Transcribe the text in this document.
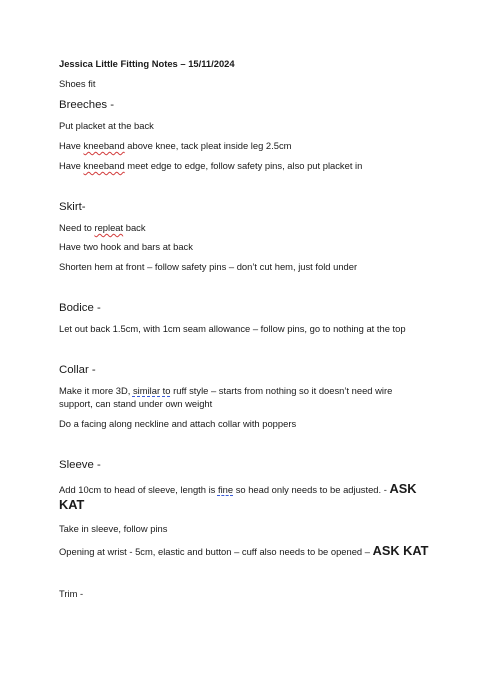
Jessica Little Fitting Notes – 15/11/2024
Shoes fit
Breeches -
Put placket at the back
Have kneeband above knee, tack pleat inside leg 2.5cm
Have kneeband meet edge to edge, follow safety pins, also put placket in
Skirt-
Need to repleat back
Have two hook and bars at back
Shorten hem at front – follow safety pins – don’t cut hem, just fold under
Bodice -
Let out back 1.5cm, with 1cm seam allowance – follow pins, go to nothing at the top
Collar -
Make it more 3D, similar to ruff style – starts from nothing so it doesn’t need wire
support, can stand under own weight
Do a facing along neckline and attach collar with poppers
Sleeve -
Add 10cm to head of sleeve, length is fine so head only needs to be adjusted. - ASK
KAT
Take in sleeve, follow pins
Opening at wrist - 5cm, elastic and button – cuff also needs to be opened – ASK KAT
Trim -
